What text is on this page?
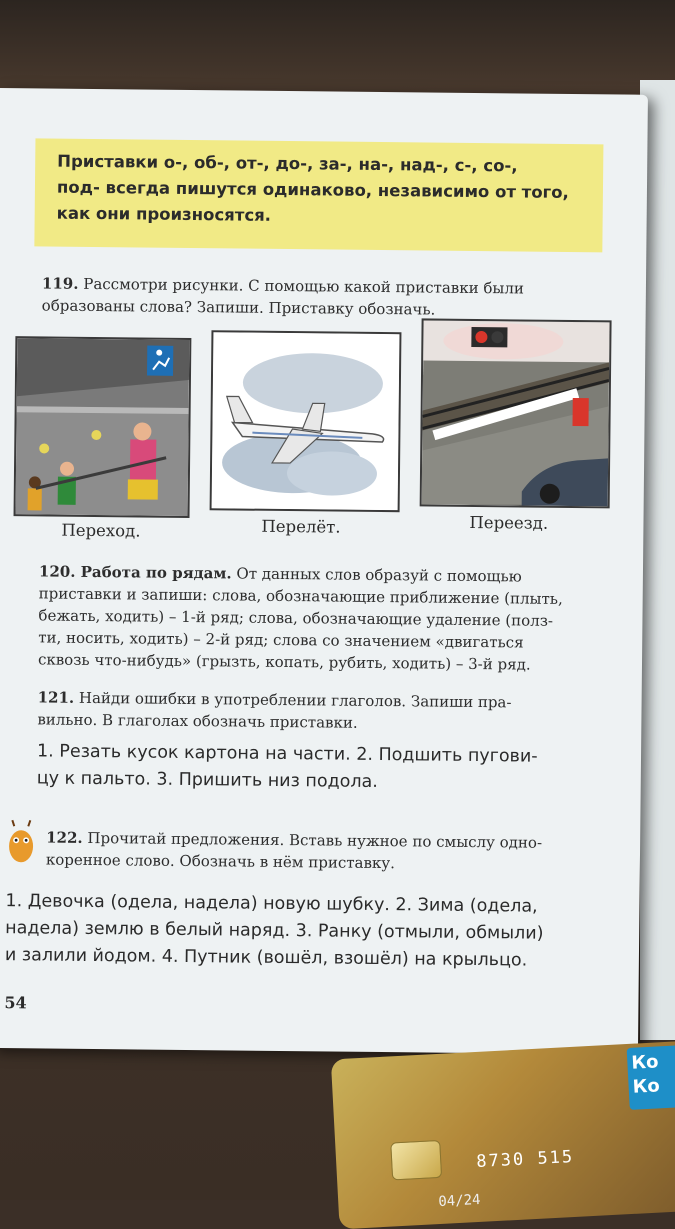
Приставки о-, об-, от-, до-, за-, на-, над-, с-, со-,
под- всегда пишутся одинаково, независимо от того,
как они произносятся.
119. Рассмотри рисунки. С помощью какой приставки были
образованы слова? Запиши. Приставку обозначь.
Переход.	Перелёт.	Переезд.
120. Работа по рядам. От данных слов образуй с помощью
приставки и запиши: слова, обозначающие приближение (плыть,
бежать, ходить) – 1-й ряд; слова, обозначающие удаление (полз-
ти, носить, ходить) – 2-й ряд; слова со значением «двигаться
сквозь что-нибудь» (грызть, копать, рубить, ходить) – 3-й ряд.
121. Найди ошибки в употреблении глаголов. Запиши пра-
вильно. В глаголах обозначь приставки.
1. Резать кусок картона на части. 2. Подшить пугови-
цу к пальто. 3. Пришить низ подола.
122. Прочитай предложения. Вставь нужное по смыслу одно-
коренное слово. Обозначь в нём приставку.
1. Девочка (одела, надела) новую шубку. 2. Зима (одела,
надела) землю в белый наряд. 3. Ранку (отмыли, обмыли)
и залили йодом. 4. Путник (вошёл, взошёл) на крыльцо.
54
Ко Ко
8730 515
04/24
